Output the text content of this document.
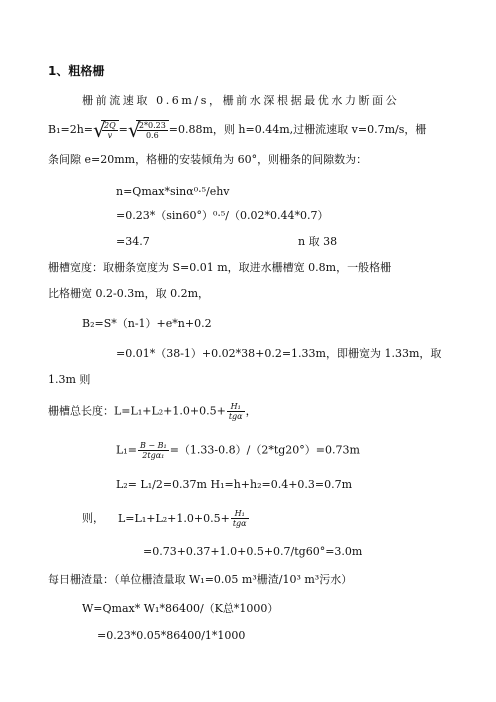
1、粗格栅
栅前流速取 0.6m/s，栅前水深根据最优水力断面公
B₁=2h= √ $\frac{2Q}{v}$ = √ $\frac{2*0.23}{0.6} =0.88m$，则 h=0.44m,过栅流速取 v=0.7m/s，栅
条间隙 e=20mm，格栅的安装倾角为 60°，则栅条的间隙数为：
n=Qmax*sinα⁰·⁵/ehv
=0.23*（sin60°）⁰·⁵/（0.02*0.44*0.7）
=34.7	n 取 38
栅槽宽度：取栅条宽度为 S=0.01 m，取进水栅槽宽 0.8m，一般格栅
比格栅宽 0.2-0.3m，取 0.2m，
B₂=S*（n-1）+e*n+0.2
=0.01*（38-1）+0.02*38+0.2=1.33m，即栅宽为 1.33m，取
1.3m 则
栅槽总长度：$L=L_1+L_2+1.0+0.5+ \frac{\text{H₁}}{\text{tgα}}$ ，
$L_1= \frac{\text{B − B₁}}{\text{2tgα₁}} =(1.33-0.8)/(2*tg20^\circ)=0.73m$
L₂= L₁/2=0.37m H₁=h+h₂=0.4+0.3=0.7m
则， $L=L_1+L_2+1.0+0.5+ \frac{\text{H₁}}{\text{tgα}}$
=0.73+0.37+1.0+0.5+0.7/tg60°=3.0m
每日栅渣量：（单位栅渣量取 W₁=0.05 m³栅渣/10³ m³污水）
W=Qmax* W₁*86400/（K总*1000）
=0.23*0.05*86400/1*1000
